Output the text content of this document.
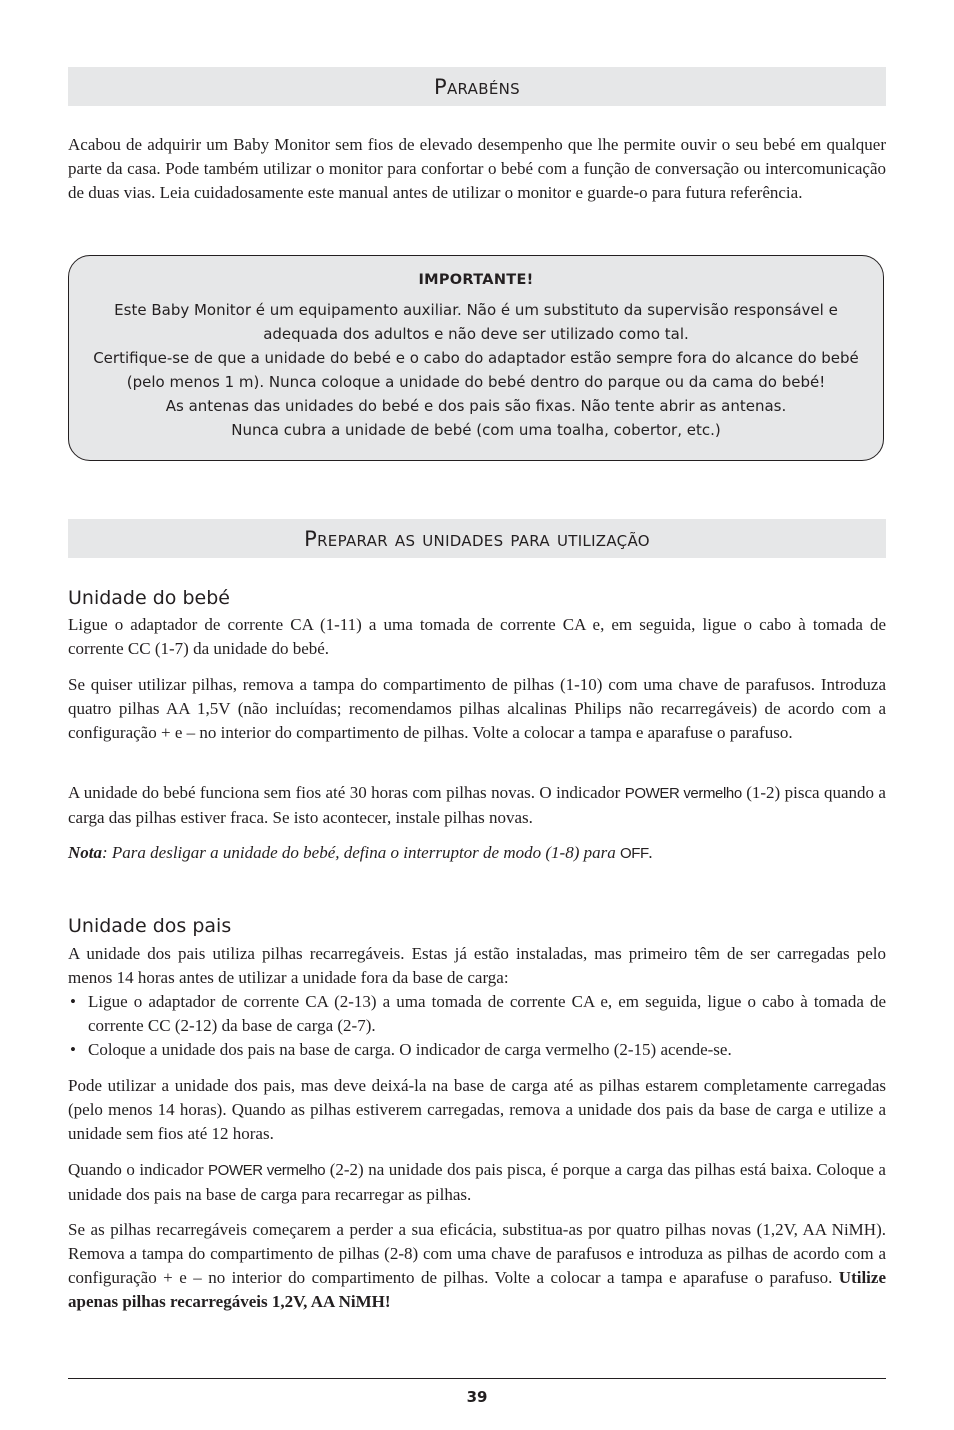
Parabéns

Acabou de adquirir um Baby Monitor sem fios de elevado desempenho que lhe permite ouvir o seu bebé em qualquer parte da casa. Pode também utilizar o monitor para confortar o bebé com a função de conversação ou intercomunicação de duas vias. Leia cuidadosamente este manual antes de utilizar o monitor e guarde-o para futura referência.

IMPORTANTE!
Este Baby Monitor é um equipamento auxiliar. Não é um substituto da supervisão responsável e
adequada dos adultos e não deve ser utilizado como tal.
Certifique-se de que a unidade do bebé e o cabo do adaptador estão sempre fora do alcance do bebé
(pelo menos 1 m). Nunca coloque a unidade do bebé dentro do parque ou da cama do bebé!
As antenas das unidades do bebé e dos pais são fixas. Não tente abrir as antenas.
Nunca cubra a unidade de bebé (com uma toalha, cobertor, etc.)
Preparar as unidades para utilização
Unidade do bebé

Ligue o adaptador de corrente CA (1-11) a uma tomada de corrente CA e, em seguida, ligue o cabo à tomada de corrente CC (1-7) da unidade do bebé.

Se quiser utilizar pilhas, remova a tampa do compartimento de pilhas (1-10) com uma chave de parafusos. Introduza quatro pilhas AA 1,5V (não incluídas; recomendamos pilhas alcalinas Philips não recarregáveis) de acordo com a configuração + e – no interior do compartimento de pilhas. Volte a colocar a tampa e aparafuse o parafuso.

A unidade do bebé funciona sem fios até 30 horas com pilhas novas. O indicador POWER vermelho (1-2) pisca quando a carga das pilhas estiver fraca. Se isto acontecer, instale pilhas novas.

Nota: Para desligar a unidade do bebé, defina o interruptor de modo (1-8) para OFF.

Unidade dos pais

A unidade dos pais utiliza pilhas recarregáveis. Estas já estão instaladas, mas primeiro têm de ser carregadas pelo menos 14 horas antes de utilizar a unidade fora da base de carga:

• Ligue o adaptador de corrente CA (2-13) a uma tomada de corrente CA e, em seguida, ligue o cabo à tomada de corrente CC (2-12) da base de carga (2-7).
• Coloque a unidade dos pais na base de carga. O indicador de carga vermelho (2-15) acende-se.

Pode utilizar a unidade dos pais, mas deve deixá-la na base de carga até as pilhas estarem completamente carregadas (pelo menos 14 horas). Quando as pilhas estiverem carregadas, remova a unidade dos pais da base de carga e utilize a unidade sem fios até 12 horas.

Quando o indicador POWER vermelho (2-2) na unidade dos pais pisca, é porque a carga das pilhas está baixa. Coloque a unidade dos pais na base de carga para recarregar as pilhas.

Se as pilhas recarregáveis começarem a perder a sua eficácia, substitua-as por quatro pilhas novas (1,2V, AA NiMH). Remova a tampa do compartimento de pilhas (2-8) com uma chave de parafusos e introduza as pilhas de acordo com a configuração + e – no interior do compartimento de pilhas. Volte a colocar a tampa e aparafuse o parafuso. Utilize apenas pilhas recarregáveis 1,2V, AA NiMH!

39
